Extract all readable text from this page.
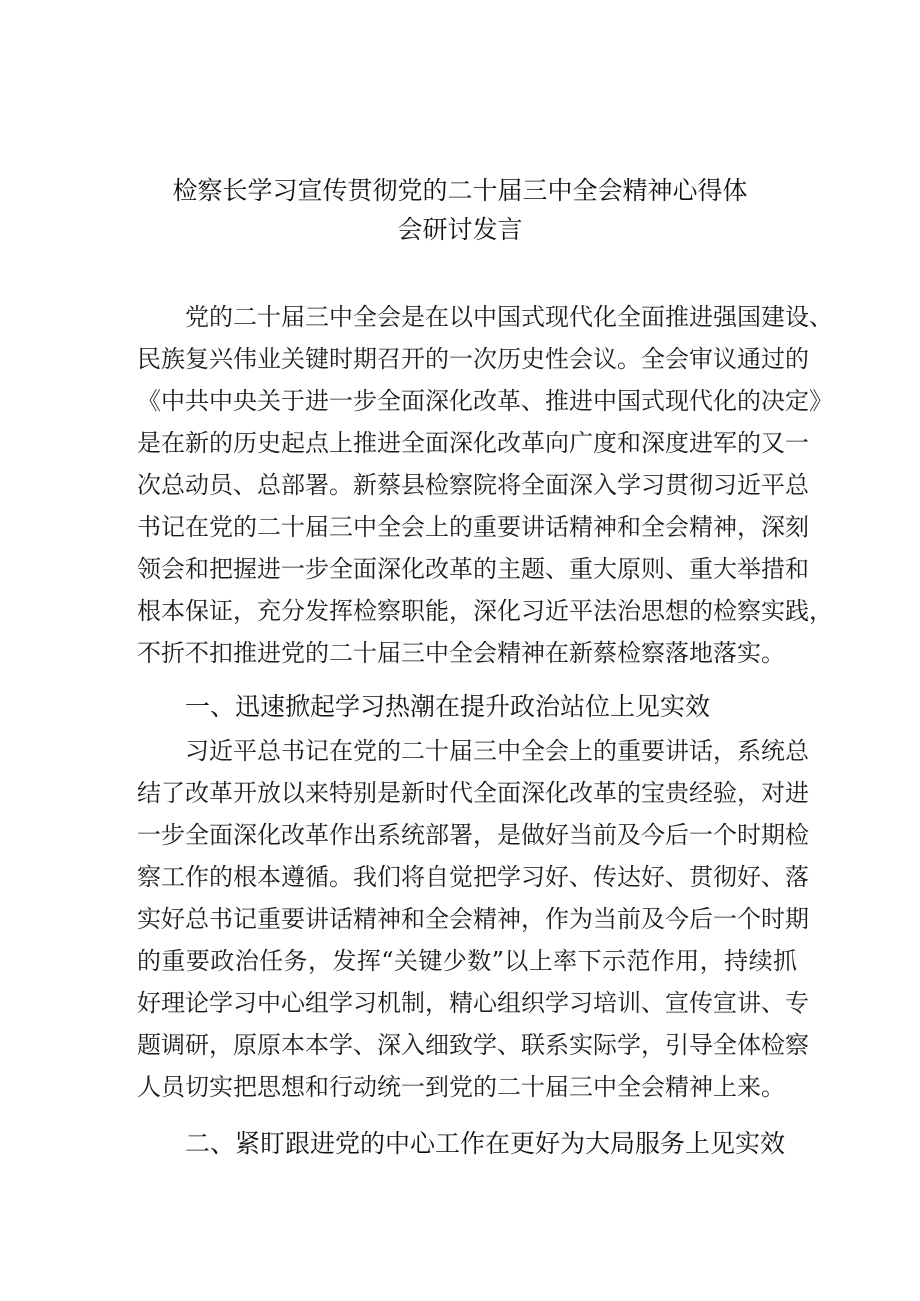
检察长学习宣传贯彻党的二十届三中全会精神心得体
会研讨发言
党的二十届三中全会是在以中国式现代化全面推进强国建设、
民族复兴伟业关键时期召开的一次历史性会议。全会审议通过的
《中共中央关于进一步全面深化改革、推进中国式现代化的决定》
是在新的历史起点上推进全面深化改革向广度和深度进军的又一
次总动员、总部署。新蔡县检察院将全面深入学习贯彻习近平总
书记在党的二十届三中全会上的重要讲话精神和全会精神，深刻
领会和把握进一步全面深化改革的主题、重大原则、重大举措和
根本保证，充分发挥检察职能，深化习近平法治思想的检察实践，
不折不扣推进党的二十届三中全会精神在新蔡检察落地落实。
一、迅速掀起学习热潮在提升政治站位上见实效
习近平总书记在党的二十届三中全会上的重要讲话，系统总
结了改革开放以来特别是新时代全面深化改革的宝贵经验，对进
一步全面深化改革作出系统部署，是做好当前及今后一个时期检
察工作的根本遵循。我们将自觉把学习好、传达好、贯彻好、落
实好总书记重要讲话精神和全会精神，作为当前及今后一个时期
的重要政治任务，发挥“关键少数”以上率下示范作用，持续抓
好理论学习中心组学习机制，精心组织学习培训、宣传宣讲、专
题调研，原原本本学、深入细致学、联系实际学，引导全体检察
人员切实把思想和行动统一到党的二十届三中全会精神上来。
二、紧盯跟进党的中心工作在更好为大局服务上见实效
